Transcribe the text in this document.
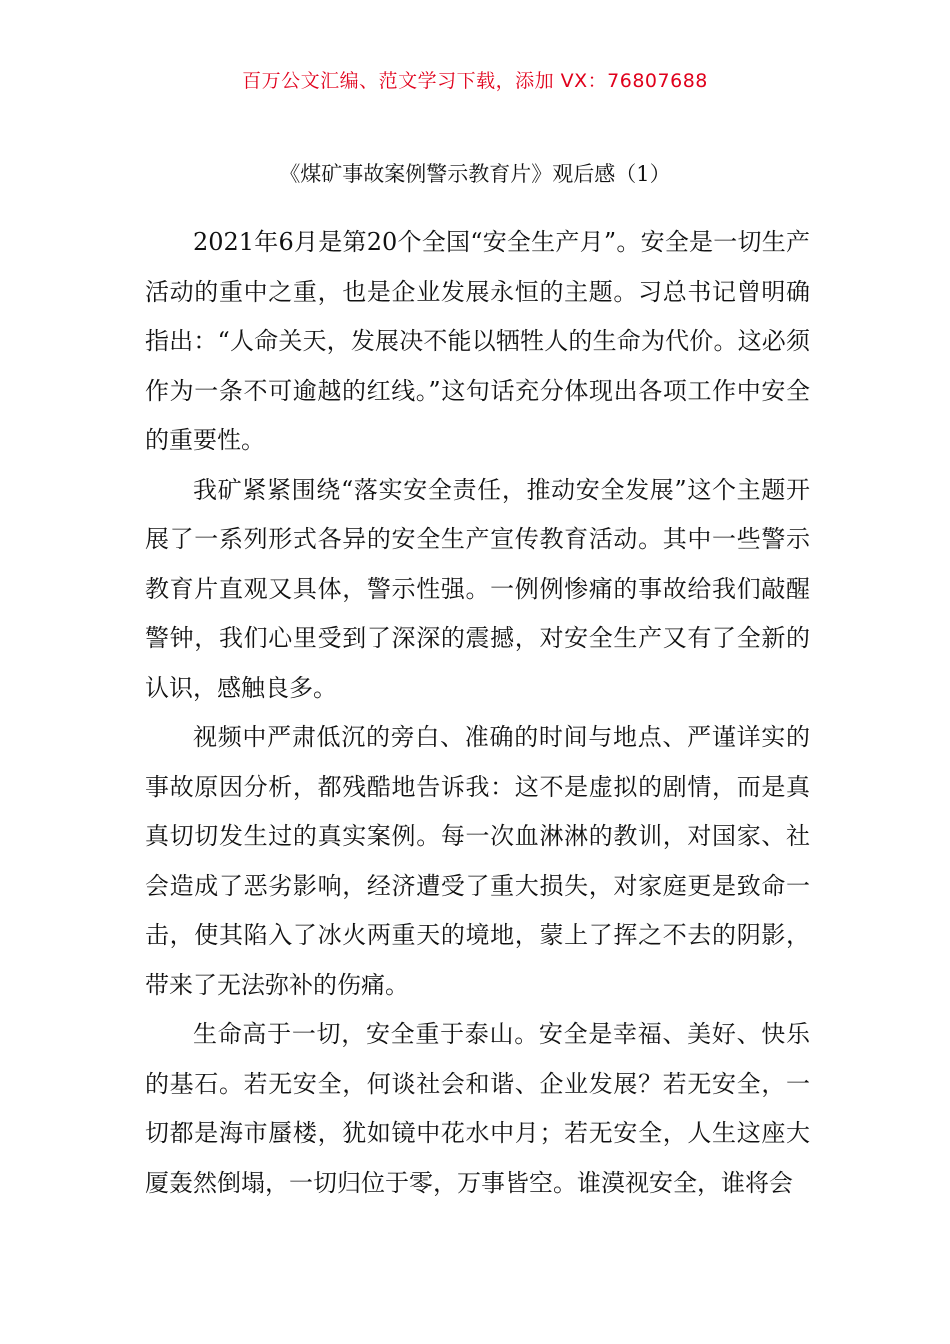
百万公文汇编、范文学习下载，添加 VX：76807688
《煤矿事故案例警示教育片》观后感（1）

2021年6月是第20个全国“安全生产月”。安全是一切生产活动的重中之重，也是企业发展永恒的主题。习总书记曾明确指出：“人命关天，发展决不能以牺牲人的生命为代价。这必须作为一条不可逾越的红线。”这句话充分体现出各项工作中安全的重要性。

我矿紧紧围绕“落实安全责任，推动安全发展”这个主题开展了一系列形式各异的安全生产宣传教育活动。其中一些警示教育片直观又具体，警示性强。一例例惨痛的事故给我们敲醒警钟，我们心里受到了深深的震撼，对安全生产又有了全新的认识，感触良多。

视频中严肃低沉的旁白、准确的时间与地点、严谨详实的事故原因分析，都残酷地告诉我：这不是虚拟的剧情，而是真真切切发生过的真实案例。每一次血淋淋的教训，对国家、社会造成了恶劣影响，经济遭受了重大损失，对家庭更是致命一击，使其陷入了冰火两重天的境地，蒙上了挥之不去的阴影，带来了无法弥补的伤痛。

生命高于一切，安全重于泰山。安全是幸福、美好、快乐的基石。若无安全，何谈社会和谐、企业发展？若无安全，一切都是海市蜃楼，犹如镜中花水中月；若无安全，人生这座大厦轰然倒塌，一切归位于零，万事皆空。谁漠视安全，谁将会
